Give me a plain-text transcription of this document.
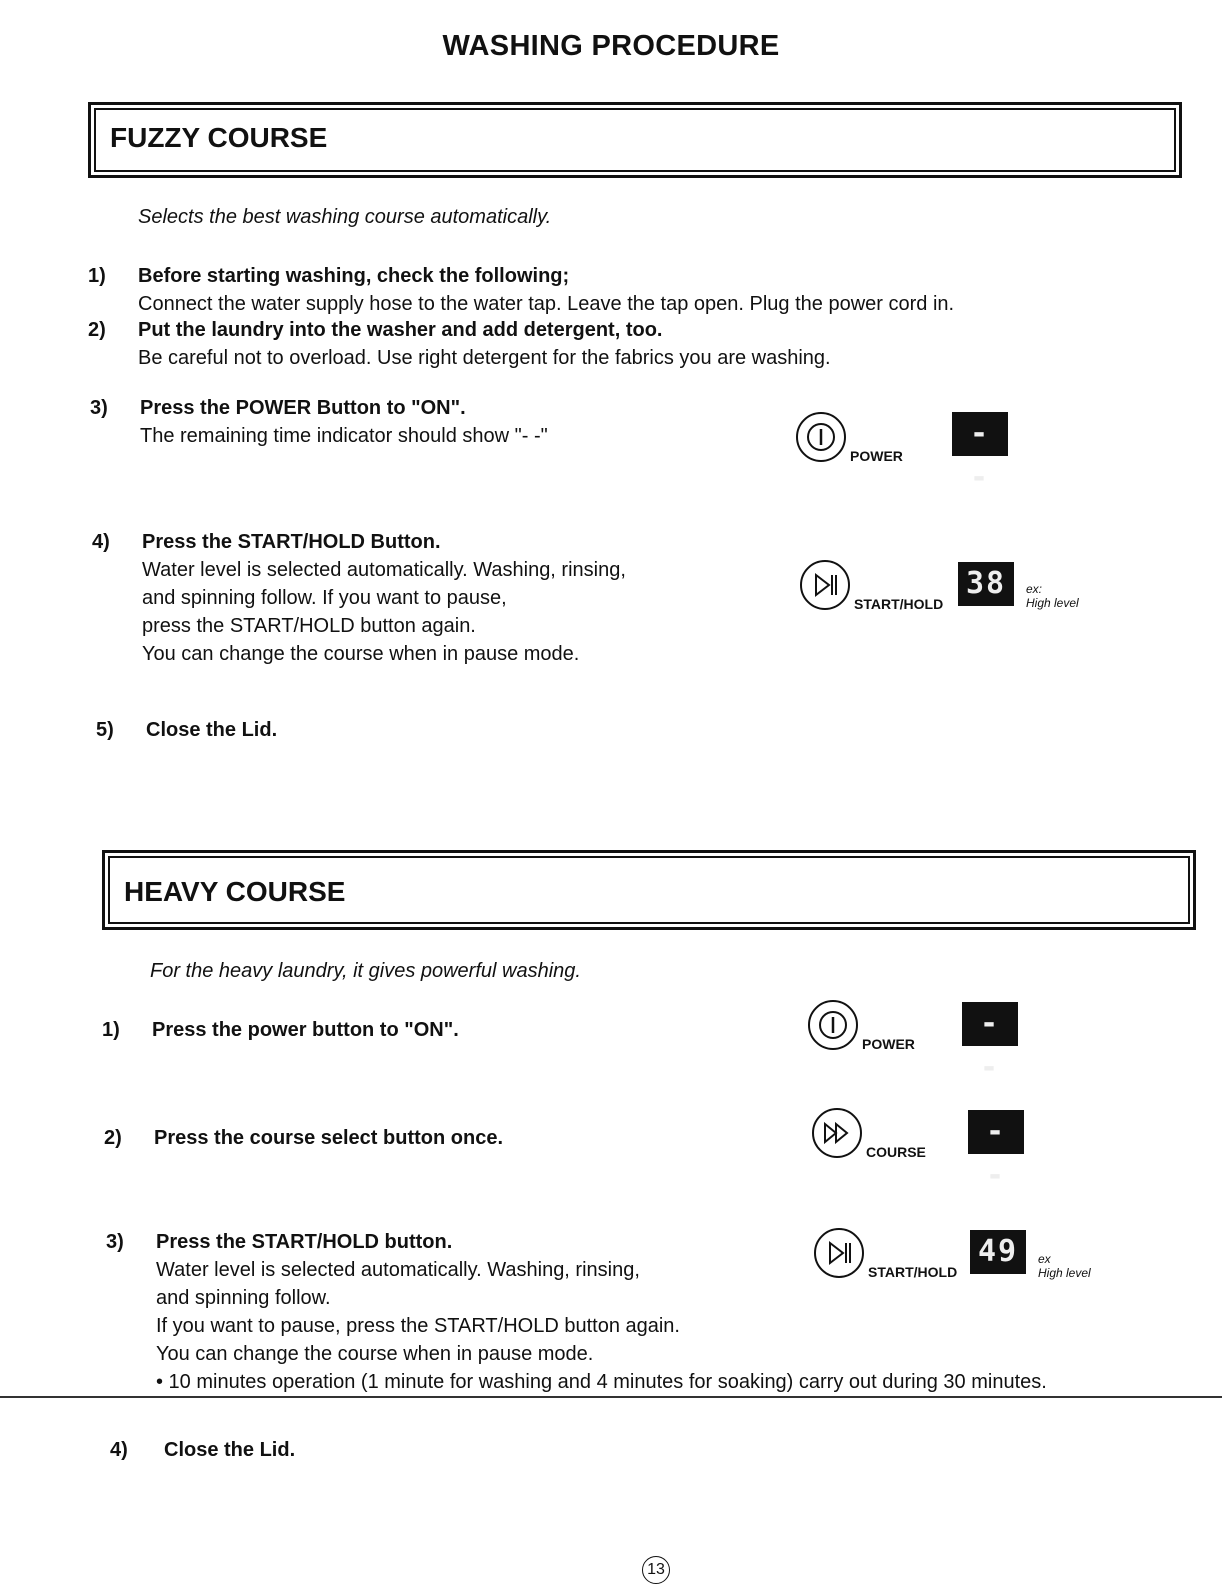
WASHING PROCEDURE
FUZZY COURSE
Selects the best washing course automatically.
1) Before starting washing, check the following;
Connect the water supply hose to the water tap. Leave the tap open. Plug the power cord in.
2) Put the laundry into the washer and add detergent, too.
Be careful not to overload. Use right detergent for the fabrics you are washing.
3) Press the POWER Button to "ON".
The remaining time indicator should show "- -"
4) Press the START/HOLD Button.
Water level is selected automatically. Washing, rinsing,
and spinning follow. If you want to pause,
press the START/HOLD button again.
You can change the course when in pause mode.
5) Close the Lid.
POWER
- -
START/HOLD
38	ex:
High level
HEAVY COURSE
For the heavy laundry, it gives powerful washing.
1) Press the power button to "ON".
2) Press the course select button once.
3) Press the START/HOLD button.
Water level is selected automatically. Washing, rinsing,
and spinning follow.
If you want to pause, press the START/HOLD button again.
You can change the course when in pause mode.
• 10 minutes operation (1 minute for washing and 4 minutes for soaking) carry out during 30 minutes.
4) Close the Lid.
POWER
- -
COURSE
- -
START/HOLD
49	ex
High level
13
